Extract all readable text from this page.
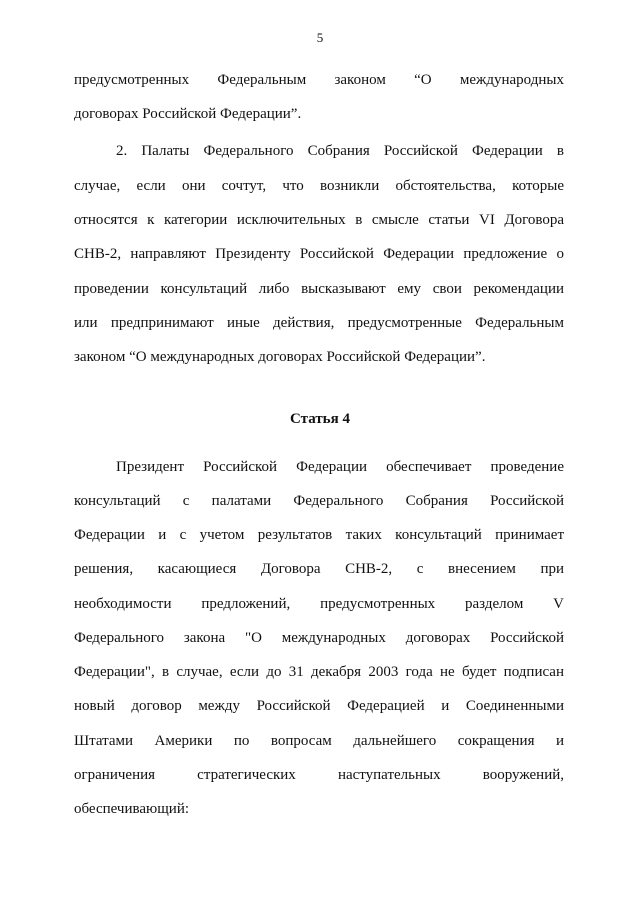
5
предусмотренных Федеральным законом “О международных
договорах Российской Федерации”.
2. Палаты Федерального Собрания Российской Федерации в
случае, если они сочтут, что возникли обстоятельства, которые
относятся к категории исключительных в смысле статьи VI Договора
СНВ-2, направляют Президенту Российской Федерации предложение о
проведении консультаций либо высказывают ему свои рекомендации
или предпринимают иные действия, предусмотренные Федеральным
законом “О международных договорах Российской Федерации”.
Статья 4
Президент Российской Федерации обеспечивает проведение
консультаций с палатами Федерального Собрания Российской
Федерации и с учетом результатов таких консультаций принимает
решения, касающиеся Договора СНВ-2, с внесением при
необходимости предложений, предусмотренных разделом V
Федерального закона "О международных договорах Российской
Федерации", в случае, если до 31 декабря 2003 года не будет подписан
новый договор между Российской Федерацией и Соединенными
Штатами Америки по вопросам дальнейшего сокращения и
ограничения стратегических наступательных вооружений,
обеспечивающий:
